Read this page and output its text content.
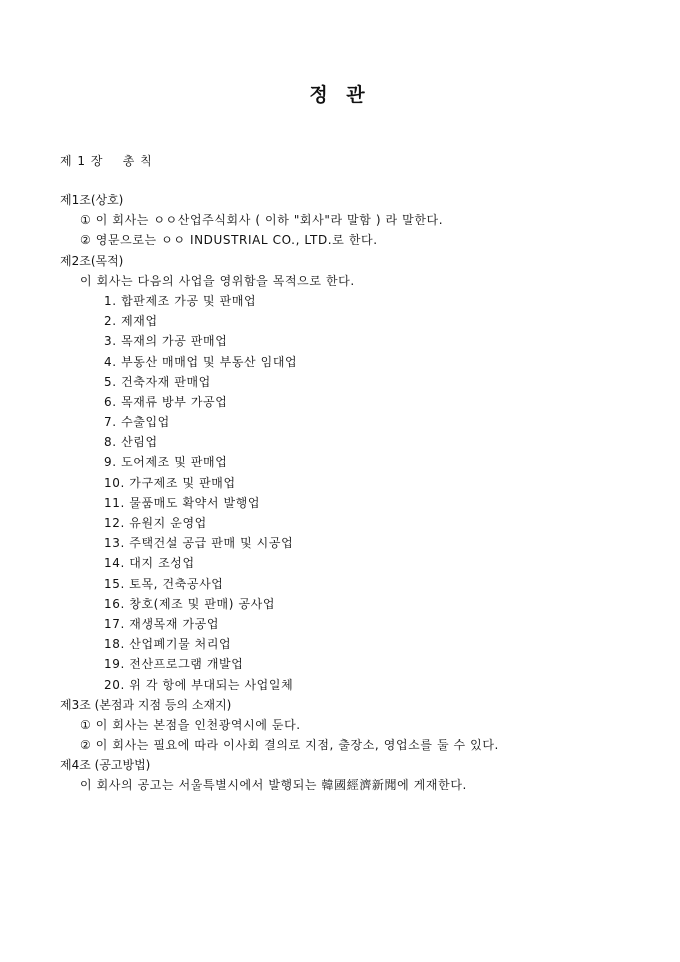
정 관
제 1 장    총 칙
제1조(상호)
① 이 회사는 ㅇㅇ산업주식회사 ( 이하 "회사"라 말함 ) 라 말한다.
② 영문으로는 ㅇㅇ INDUSTRIAL CO., LTD.로 한다.
제2조(목적)
이 회사는 다음의 사업을 영위함을 목적으로 한다.
1. 합판제조 가공 및 판매업
2. 제재업
3. 목재의 가공 판매업
4. 부동산 매매업 및 부동산 임대업
5. 건축자재 판매업
6. 목재류 방부 가공업
7. 수출입업
8. 산림업
9. 도어제조 및 판매업
10. 가구제조 및 판매업
11. 물품매도 확약서 발행업
12. 유원지 운영업
13. 주택건설 공급 판매 및 시공업
14. 대지 조성업
15. 토목, 건축공사업
16. 창호(제조 및 판매) 공사업
17. 재생목재 가공업
18. 산업폐기물 처리업
19. 전산프로그램 개발업
20. 위 각 항에 부대되는 사업일체
제3조 (본점과 지점 등의 소재지)
① 이 회사는 본점을 인천광역시에 둔다.
② 이 회사는 필요에 따라 이사회 결의로 지점, 출장소, 영업소를 둘 수 있다.
제4조 (공고방법)
이 회사의 공고는 서울특별시에서 발행되는 韓國經濟新聞에 게재한다.
